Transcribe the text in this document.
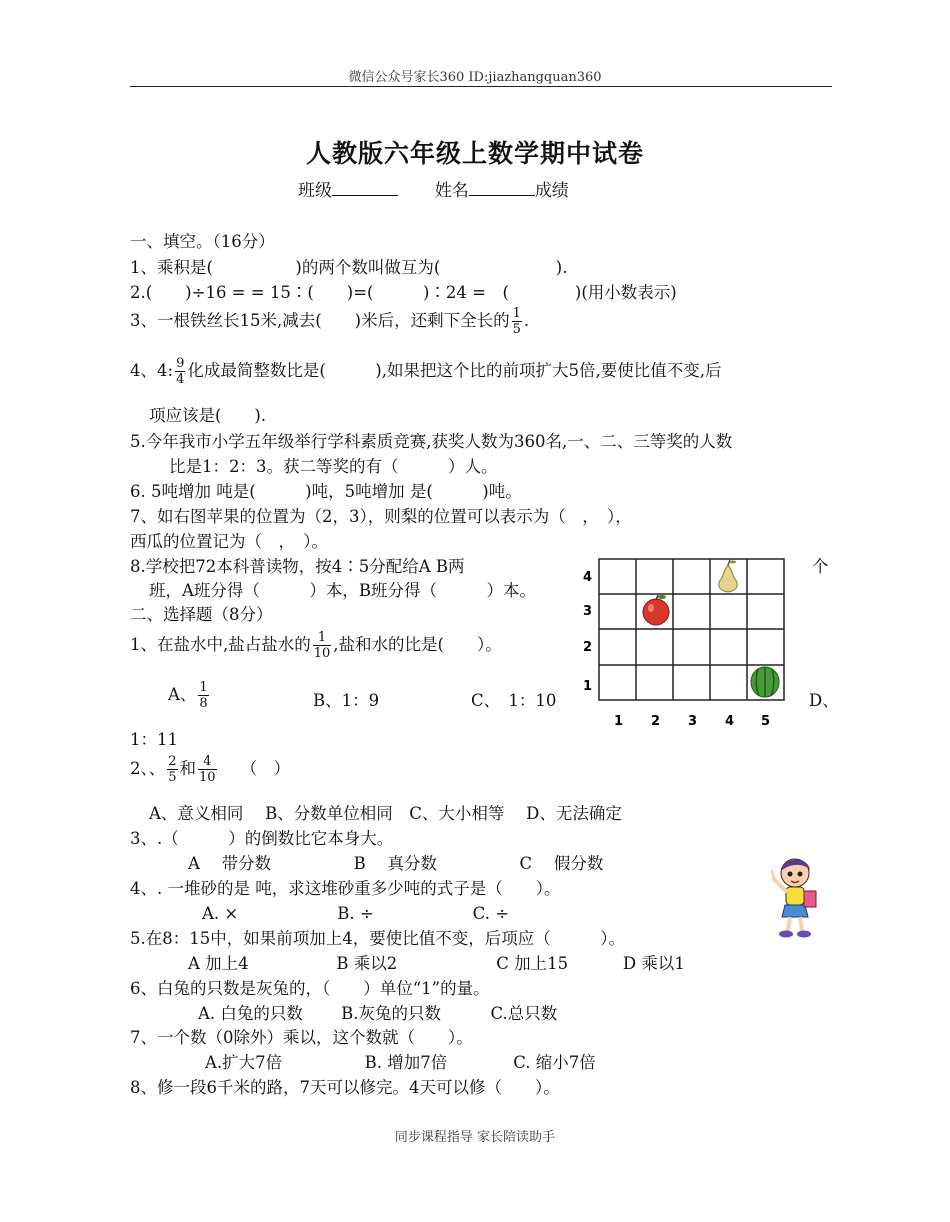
微信公众号家长360 ID:jiazhangquan360
人教版六年级上数学期中试卷
班级	姓名	成绩
一、填空。（16分）
1、乘积是(　　　　　)的两个数叫做互为(　　　　　　　).
2.(　　)÷16 = = 15∶(　　)=(　　　)∶24 =　(　　　　)(用小数表示)
3、一根铁丝长15米,减去(　　)米后，还剩下全长的 $\frac{1}{5}$ .
4、4: $\frac{9}{4}$ 化成最简整数比是(　　　),如果把这个比的前项扩大5倍,要使比值不变,后
项应该是(　　).
5.今年我市小学五年级举行学科素质竞赛,获奖人数为360名,一、二、三等奖的人数
比是1：2：3。获二等奖的有（　　　）人。
6. 5吨增加 吨是(　　　)吨，5吨增加 是(　　　)吨。
7、如右图苹果的位置为（2，3），则梨的位置可以表示为（　，　），
西瓜的位置记为（　，　）。
8.学校把72本科普读物，按4∶5分配给A B两	个
班，A班分得（　　　）本，B班分得（　　　）本。
二、选择题（8分）
1、在盐水中,盐占盐水的 $\frac{1}{10}$ ,盐和水的比是(　　）。
A、 $\frac{1}{8}$	B、1：9	C、　1：10	D、
1：11
2、、 $\frac{2}{5}$ 和 $\frac{4}{10}$ （　）
A、意义相同　 B、分数单位相同　C、大小相等　 D、无法确定
3、.（　　　）的倒数比它本身大。
A　 带分数　　　　　B　 真分数　　　　　C　 假分数
4、. 一堆砂的是 吨，求这堆砂重多少吨的式子是（　　）。
A. ×　　　　　　B. ÷　　　　　　C. ÷
5.在8：15中，如果前项加上4，要使比值不变，后项应（　　　）。
A 加上4　　　　　 B 乘以2　　　　　　C 加上15　　　 D 乘以1
6、白兔的只数是灰兔的，（　　）单位“1”的量。
A. 白兔的只数　　 B.灰兔的只数　　　C.总只数
7、一个数（0除外）乘以，这个数就（　　）。
A.扩大7倍　　　　　B. 增加7倍　　　　C. 缩小7倍
8、修一段6千米的路，7天可以修完。4天可以修（　　）。
4
3
2
1
1 2 3 4 5
同步课程指导 家长陪读助手
